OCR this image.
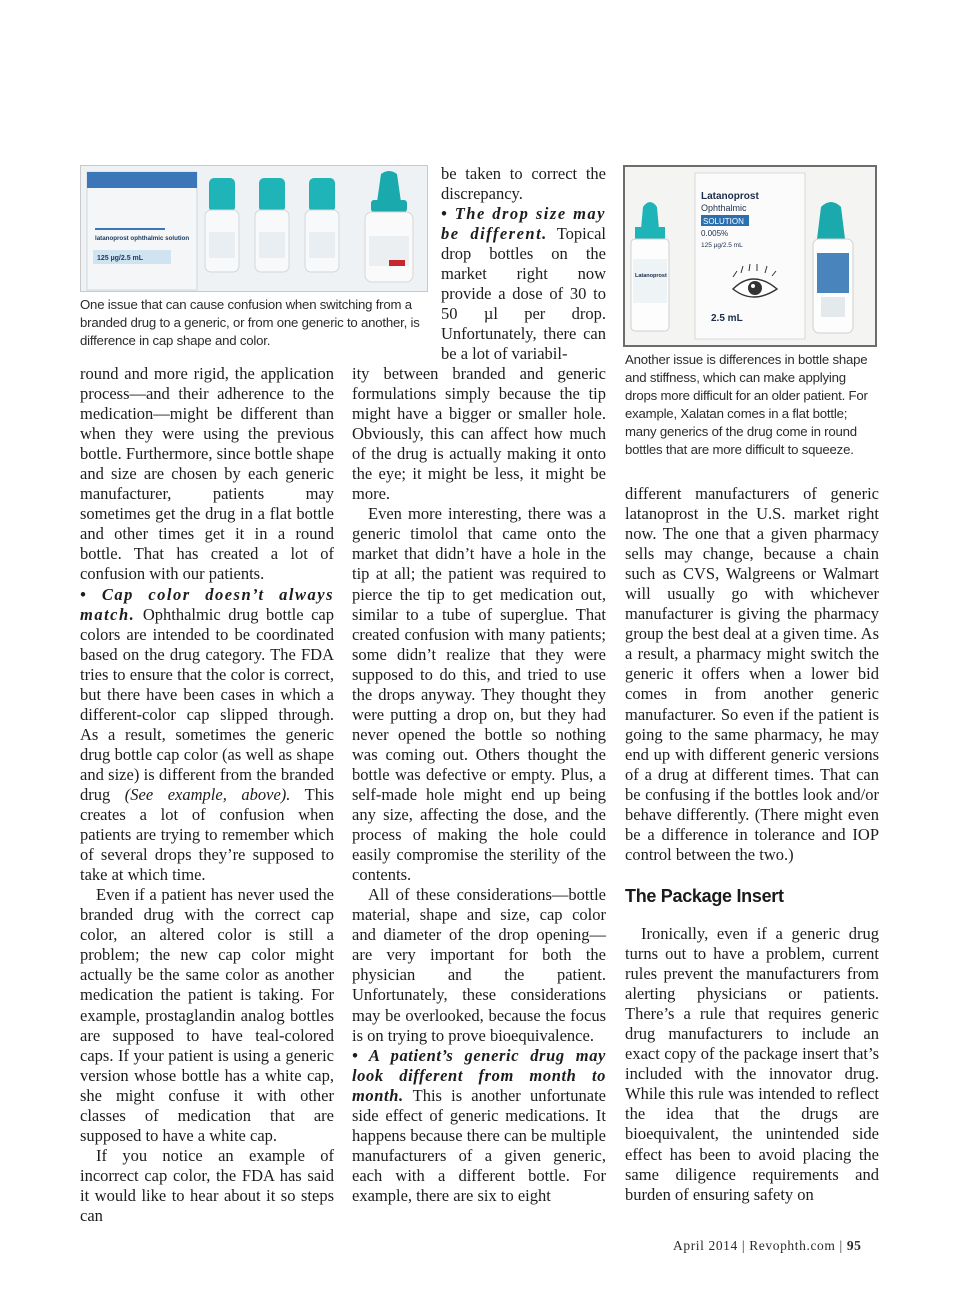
latanoprost ophthalmic solution
125 µg/2.5 mL
One issue that can cause confusion when switching from a branded drug to a generic, or from one generic to another, is difference in cap shape and color.
Latanoprost
Ophthalmic
SOLUTION
0.005%
125 µg/2.5 mL
2.5 mL
Latanoprost
Another issue is differences in bottle shape and stiffness, which can make applying drops more difficult for an older patient. For example, Xalatan comes in a flat bottle; many generics of the drug come in round bottles that are more difficult to squeeze.

be taken to correct the discrepancy.

• The drop size may be different. Topical drop bottles on the market right now provide a dose of 30 to 50 µl per drop. Unfortunately, there can be a lot of variabil-

round and more rigid, the application process—and their adherence to the medication—might be different than when they were using the previous bottle. Furthermore, since bottle shape and size are chosen by each generic manufacturer, patients may sometimes get the drug in a flat bottle and other times get it in a round bottle. That has created a lot of confusion with our patients.

• Cap color doesn’t always match. Ophthalmic drug bottle cap colors are intended to be coordinated based on the drug category. The FDA tries to ensure that the color is correct, but there have been cases in which a different-color cap slipped through. As a result, sometimes the generic drug bottle cap color (as well as shape and size) is different from the branded drug (See example, above). This creates a lot of confusion when patients are trying to remember which of several drops they’re supposed to take at which time.

Even if a patient has never used the branded drug with the correct cap color, an altered color is still a problem; the new cap color might actually be the same color as another medication the patient is taking. For example, prostaglandin analog bottles are supposed to have teal-colored caps. If your patient is using a generic version whose bottle has a white cap, she might confuse it with other classes of medication that are supposed to have a white cap.

If you notice an example of incorrect cap color, the FDA has said it would like to hear about it so steps can

ity between branded and generic formulations simply because the tip might have a bigger or smaller hole. Obviously, this can affect how much of the drug is actually making it onto the eye; it might be less, it might be more.

Even more interesting, there was a generic timolol that came onto the market that didn’t have a hole in the tip at all; the patient was required to pierce the tip to get medication out, similar to a tube of superglue. That created confusion with many patients; some didn’t realize that they were supposed to do this, and tried to use the drops anyway. They thought they were putting a drop on, but they had never opened the bottle so nothing was coming out. Others thought the bottle was defective or empty. Plus, a self-made hole might end up being any size, affecting the dose, and the process of making the hole could easily compromise the sterility of the contents.

All of these considerations—bottle material, shape and size, cap color and diameter of the drop opening—are very important for both the physician and the patient. Unfortunately, these considerations may be overlooked, because the focus is on trying to prove bioequivalence.

• A patient’s generic drug may look different from month to month. This is another unfortunate side effect of generic medications. It happens because there can be multiple manufacturers of a given generic, each with a different bottle. For example, there are six to eight

different manufacturers of generic latanoprost in the U.S. market right now. The one that a given pharmacy sells may change, because a chain such as CVS, Walgreens or Walmart will usually go with whichever manufacturer is giving the pharmacy group the best deal at a given time. As a result, a pharmacy might switch the generic it offers when a lower bid comes in from another generic manufacturer. So even if the patient is going to the same pharmacy, he may end up with different generic versions of a drug at different times. That can be confusing if the bottles look and/or behave differently. (There might even be a difference in tolerance and IOP control between the two.)

The Package Insert

Ironically, even if a generic drug turns out to have a problem, current rules prevent the manufacturers from alerting physicians or patients. There’s a rule that requires generic drug manufacturers to include an exact copy of the package insert that’s included with the innovator drug. While this rule was intended to reflect the idea that the drugs are bioequivalent, the unintended side effect has been to avoid placing the same diligence requirements and burden of ensuring safety on

April 2014 | Revophth.com | 95
